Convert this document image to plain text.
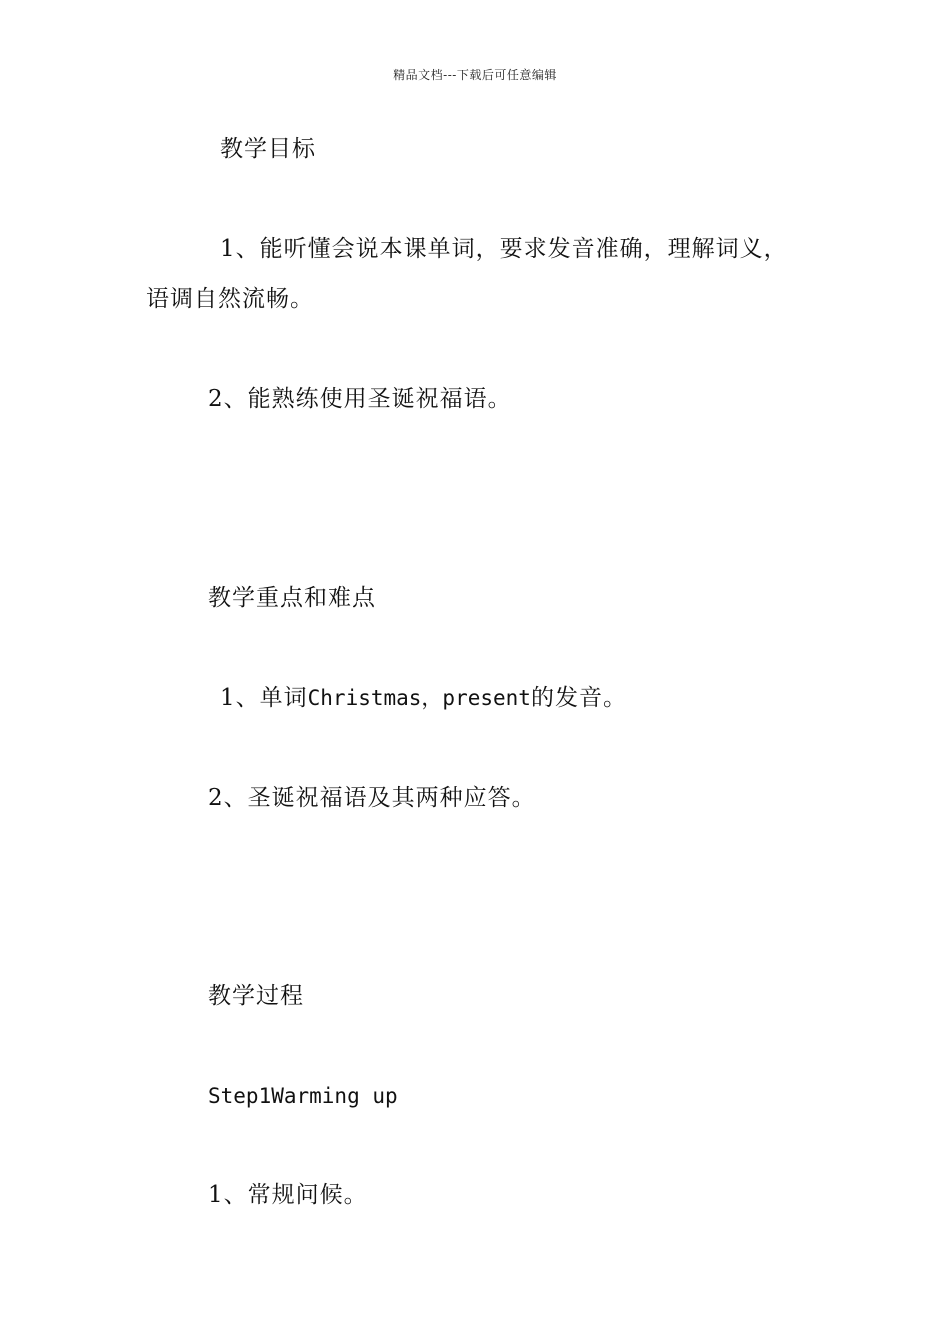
精品文档---下载后可任意编辑
教学目标
1、能听懂会说本课单词，要求发音准确，理解词义，
语调自然流畅。
2、能熟练使用圣诞祝福语。
教学重点和难点
1、单词Christmas，present的发音。
2、圣诞祝福语及其两种应答。
教学过程
Step1Warming up
1、常规问候。
